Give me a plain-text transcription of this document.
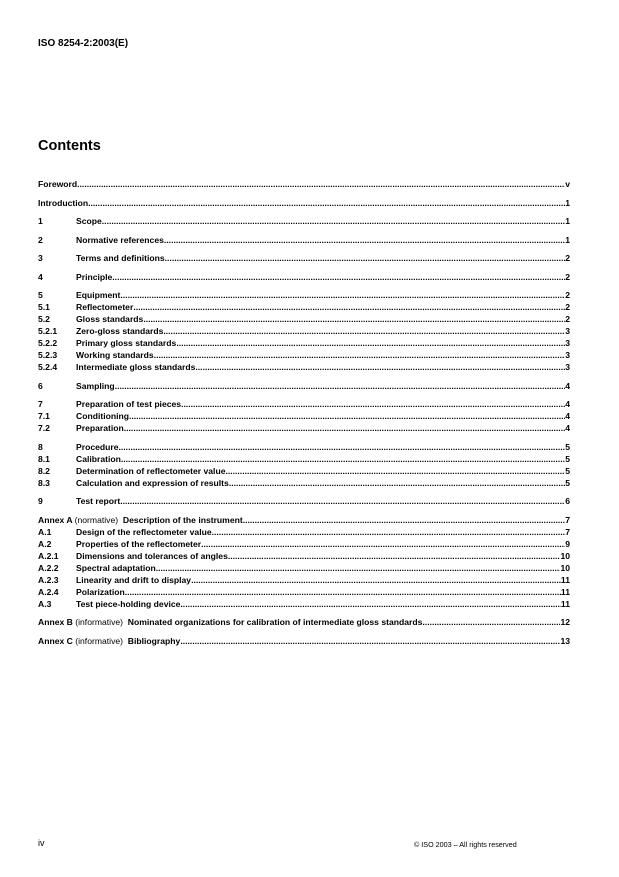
ISO 8254-2:2003(E)
Contents
Foreword .....	v
Introduction .....	1
1	Scope .....	1
2	Normative references .....	1
3	Terms and definitions .....	2
4	Principle .....	2
5	Equipment .....	2
5.1	Reflectometer .....	2
5.2	Gloss standards .....	2
5.2.1 Zero-gloss standards .....	3
5.2.2 Primary gloss standards .....	3
5.2.3 Working standards .....	3
5.2.4 Intermediate gloss standards .....	3
6	Sampling .....	4
7	Preparation of test pieces .....	4
7.1	Conditioning .....	4
7.2	Preparation .....	4
8	Procedure .....	5
8.1	Calibration .....	5
8.2	Determination of reflectometer value .....	5
8.3	Calculation and expression of results .....	5
9	Test report .....	6
Annex A (normative) Description of the instrument .....	7
A.1	Design of the reflectometer value .....	7
A.2	Properties of the reflectometer .....	9
A.2.1 Dimensions and tolerances of angles .....	10
A.2.2 Spectral adaptation .....	10
A.2.3 Linearity and drift to display .....	11
A.2.4 Polarization .....	11
A.3	Test piece-holding device .....	11
Annex B (informative) Nominated organizations for calibration of intermediate gloss standards .....	12
Annex C (informative) Bibliography .....	13
iv	© ISO 2003 – All rights reserved
